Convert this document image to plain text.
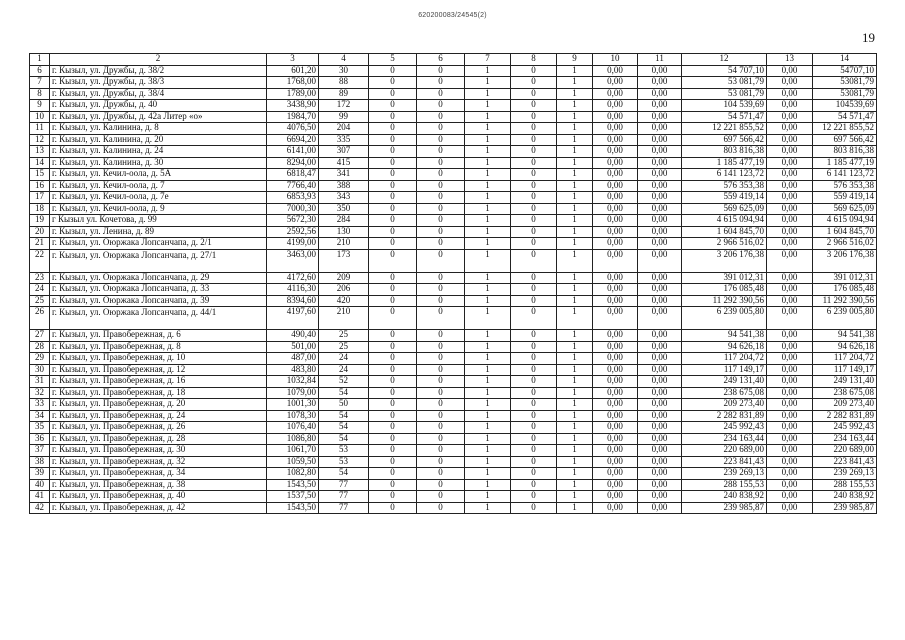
620200083/24545(2)
19
1	2	3	4	5	6	7	8	9	10	11	12	13	14
6	г. Кызыл, ул. Дружбы, д. 38/2	601,20	30	0	0	1	0	1	0,00	0,00	54 707,10	0,00	54707,10
7	г. Кызыл, ул. Дружбы, д. 38/3	1768,00	88	0	0	1	0	1	0,00	0,00	53 081,79	0,00	53081,79
8	г. Кызыл, ул. Дружбы, д. 38/4	1789,00	89	0	0	1	0	1	0,00	0,00	53 081,79	0,00	53081,79
9	г. Кызыл, ул. Дружбы, д. 40	3438,90	172	0	0	1	0	1	0,00	0,00	104 539,69	0,00	104539,69
10	г. Кызыл, ул. Дружбы, д. 42а Литер «о»	1984,70	99	0	0	1	0	1	0,00	0,00	54 571,47	0,00	54 571,47
11	г. Кызыл, ул. Калинина, д. 8	4076,50	204	0	0	1	0	1	0,00	0,00	12 221 855,52	0,00	12 221 855,52
12	г. Кызыл, ул. Калинина, д. 20	6694,20	335	0	0	1	0	1	0,00	0,00	697 566,42	0,00	697 566,42
13	г. Кызыл, ул. Калинина, д. 24	6141,00	307	0	0	1	0	1	0,00	0,00	803 816,38	0,00	803 816,38
14	г. Кызыл, ул. Калинина, д. 30	8294,00	415	0	0	1	0	1	0,00	0,00	1 185 477,19	0,00	1 185 477,19
15	г. Кызыл, ул. Кечил-оола, д. 5А	6818,47	341	0	0	1	0	1	0,00	0,00	6 141 123,72	0,00	6 141 123,72
16	г. Кызыл, ул. Кечил-оола, д. 7	7766,40	388	0	0	1	0	1	0,00	0,00	576 353,38	0,00	576 353,38
17	г. Кызыл, ул. Кечил-оола, д. 7е	6853,93	343	0	0	1	0	1	0,00	0,00	559 419,14	0,00	559 419,14
18	г. Кызыл, ул. Кечил-оола, д. 9	7000,30	350	0	0	1	0	1	0,00	0,00	569 625,09	0,00	569 625,09
19	г Кызыл ул. Кочетова, д. 99	5672,30	284	0	0	1	0	1	0,00	0,00	4 615 094,94	0,00	4 615 094,94
20	г. Кызыл, ул. Ленина, д. 89	2592,56	130	0	0	1	0	1	0,00	0,00	1 604 845,70	0,00	1 604 845,70
21	г. Кызыл, ул. Оюржака Лопсанчапа, д. 2/1	4199,00	210	0	0	1	0	1	0,00	0,00	2 966 516,02	0,00	2 966 516,02
22	г. Кызыл, ул. Оюржака Лопсанчапа, д. 27/1	3463,00	173	0	0	1	0	1	0,00	0,00	3 206 176,38	0,00	3 206 176,38
23	г. Кызыл, ул. Оюржака Лопсанчапа, д. 29	4172,60	209	0	0	1	0	1	0,00	0,00	391 012,31	0,00	391 012,31
24	г. Кызыл, ул. Оюржака Лопсанчапа, д. 33	4116,30	206	0	0	1	0	1	0,00	0,00	176 085,48	0,00	176 085,48
25	г. Кызыл, ул. Оюржака Лопсанчапа, д. 39	8394,60	420	0	0	1	0	1	0,00	0,00	11 292 390,56	0,00	11 292 390,56
26	г. Кызыл, ул. Оюржака Лопсанчапа, д. 44/1	4197,60	210	0	0	1	0	1	0,00	0,00	6 239 005,80	0,00	6 239 005,80
27	г. Кызыл, ул. Правобережная, д. 6	490,40	25	0	0	1	0	1	0,00	0,00	94 541,38	0,00	94 541,38
28	г. Кызыл, ул. Правобережная, д. 8	501,00	25	0	0	1	0	1	0,00	0,00	94 626,18	0,00	94 626,18
29	г. Кызыл, ул. Правобережная, д. 10	487,00	24	0	0	1	0	1	0,00	0,00	117 204,72	0,00	117 204,72
30	г. Кызыл, ул. Правобережная, д. 12	483,80	24	0	0	1	0	1	0,00	0,00	117 149,17	0,00	117 149,17
31	г. Кызыл, ул. Правобережная, д. 16	1032,84	52	0	0	1	0	1	0,00	0,00	249 131,40	0,00	249 131,40
32	г. Кызыл, ул. Правобережная, д. 18	1079,00	54	0	0	1	0	1	0,00	0,00	238 675,08	0,00	238 675,08
33	г. Кызыл, ул. Правобережная, д. 20	1001,30	50	0	0	1	0	1	0,00	0,00	209 273,40	0,00	209 273,40
34	г. Кызыл, ул. Правобережная, д. 24	1078,30	54	0	0	1	0	1	0,00	0,00	2 282 831,89	0,00	2 282 831,89
35	г. Кызыл, ул. Правобережная, д. 26	1076,40	54	0	0	1	0	1	0,00	0,00	245 992,43	0,00	245 992,43
36	г. Кызыл, ул. Правобережная, д. 28	1086,80	54	0	0	1	0	1	0,00	0,00	234 163,44	0,00	234 163,44
37	г. Кызыл, ул. Правобережная, д. 30	1061,70	53	0	0	1	0	1	0,00	0,00	220 689,00	0,00	220 689,00
38	г. Кызыл, ул. Правобережная, д. 32	1059,50	53	0	0	1	0	1	0,00	0,00	223 841,43	0,00	223 841,43
39	г. Кызыл, ул. Правобережная, д. 34	1082,80	54	0	0	1	0	1	0,00	0,00	239 269,13	0,00	239 269,13
40	г. Кызыл, ул. Правобережная, д. 38	1543,50	77	0	0	1	0	1	0,00	0,00	288 155,53	0,00	288 155,53
41	г. Кызыл, ул. Правобережная, д. 40	1537,50	77	0	0	1	0	1	0,00	0,00	240 838,92	0,00	240 838,92
42	г. Кызыл, ул. Правобережная, д. 42	1543,50	77	0	0	1	0	1	0,00	0,00	239 985,87	0,00	239 985,87
